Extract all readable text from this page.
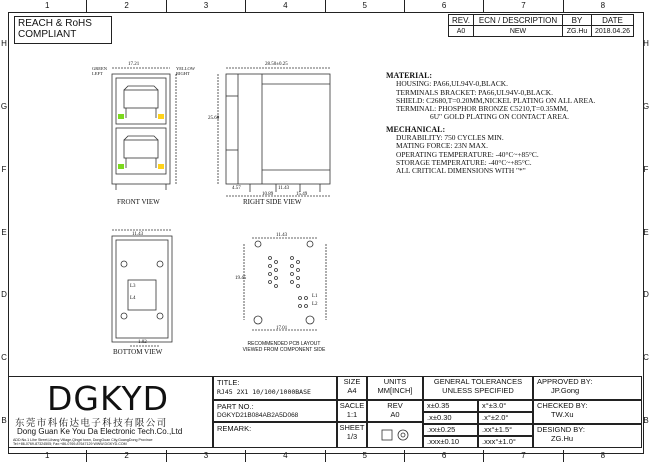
1	2	3	4	5	6	7	8
1	2	3	4	5	6	7	8
H
G
F
E
D
C
B
H
G
F
E
D
C
B
REACH & RoHS
COMPLIANT
REV.	ECN / DESCRIPTION	BY	DATE
A0	NEW	ZG.Hu	2018.04.26
17.21	28.50±0.25
25.60
4.57	11.43
10.89	15.49
11.43
1.02
11.43
17.01
19.45
L1
L2
L3
L4
GREEN
LEFT
YELLOW
RIGHT
FRONT VIEW	RIGHT SIDE VIEW
BOTTOM VIEW
RECOMMENDED PCB LAYOUT
VIEWED FROM COMPONENT SIDE
MATERIAL:
HOUSING: PA66,UL94V-0,BLACK.
TERMINALS BRACKET: PA66,UL94V-0,BLACK.
SHIELD: C2680,T=0.20MM,NICKEL PLATING ON ALL AREA.
TERMINAL: PHOSPHOR BRONZE C5210,T=0.35MM,
6U" GOLD PLATING ON CONTACT AREA.
MECHANICAL:
DURABILITY: 750 CYCLES MIN.
MATING FORCE: 23N MAX.
OPERATING TEMPERATURE: -40°C~+85°C.
STORAGE TEMPERATURE: -40°C~+85°C.
ALL CRITICAL DIMENSIONS WITH "*"
DGKYD
东莞市科佑达电子科技有限公司
Dong Guan Ke You Da Electronic Tech.Co.,Ltd
ADD:No.1 Lihe Street,Lihang Village,Qingxi town, DongGuan City,GuangDong Province
Tel:+86-0769-87324505; Fax:+86-0769-87647129 WWW.DGKYD.COM
TITLE:
RJ45 2X1 10/100/1000BASE
PART NO.:
DGKYD21B084AB2A5D068
REMARK:
SIZE
A4
UNITS
MM[INCH]
SACLE
1:1
REV
A0
SHEET
1/3
GENERAL TOLERANCES
UNLESS SPECIFIED
x±0.35	x°±3.0°
.x±0.30	.x°±2.0°
.xx±0.25	.xx°±1.5°
.xxx±0.10	.xxx°±1.0°
APPROVED BY:
JP.Gong
CHECKED BY:
TW.Xu
DESIGND BY:
ZG.Hu
